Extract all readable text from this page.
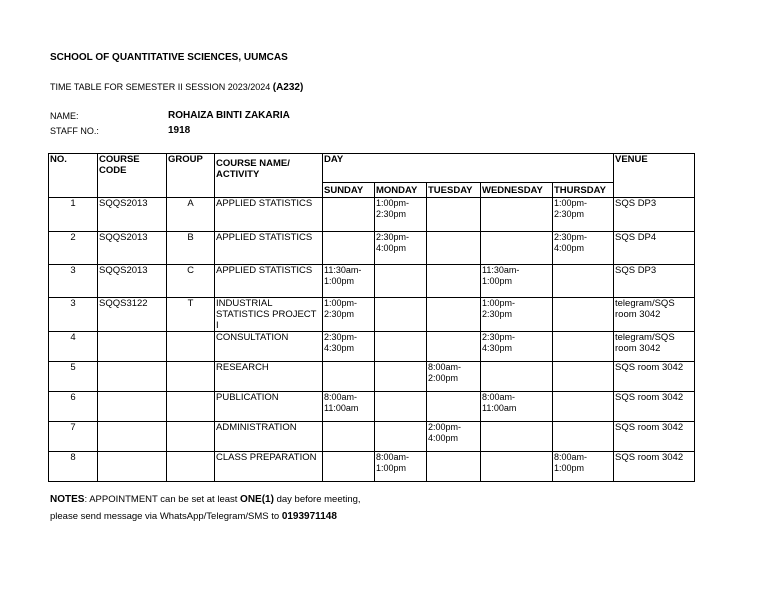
SCHOOL OF QUANTITATIVE SCIENCES, UUMCAS
TIME TABLE FOR SEMESTER II SESSION 2023/2024 (A232)
NAME:	ROHAIZA BINTI ZAKARIA
STAFF NO.:	1918
NO.	COURSE CODE	GROUP	COURSE NAME/ ACTIVITY	DAY					VENUE
				SUNDAY	MONDAY	TUESDAY	WEDNESDAY	THURSDAY	
1	SQQS2013	A	APPLIED STATISTICS		1:00pm-
2:30pm			1:00pm-
2:30pm	SQS DP3
2	SQQS2013	B	APPLIED STATISTICS		2:30pm-
4:00pm			2:30pm-
4:00pm	SQS DP4
3	SQQS2013	C	APPLIED STATISTICS	11:30am-
1:00pm			11:30am-
1:00pm		SQS DP3
3	SQQS3122	T	INDUSTRIAL
STATISTICS PROJECT I	1:00pm-
2:30pm			1:00pm-
2:30pm		telegram/SQS
room 3042
4			CONSULTATION	2:30pm-
4:30pm			2:30pm-
4:30pm		telegram/SQS
room 3042
5			RESEARCH			8:00am-
2:00pm			SQS room 3042
6			PUBLICATION	8:00am-
11:00am			8:00am-
11:00am		SQS room 3042
7			ADMINISTRATION			2:00pm-
4:00pm			SQS room 3042
8			CLASS PREPARATION		8:00am-
1:00pm			8:00am-
1:00pm	SQS room 3042
NOTES: APPOINTMENT can be set at least ONE(1) day before meeting,
please send message via WhatsApp/Telegram/SMS to 0193971148
